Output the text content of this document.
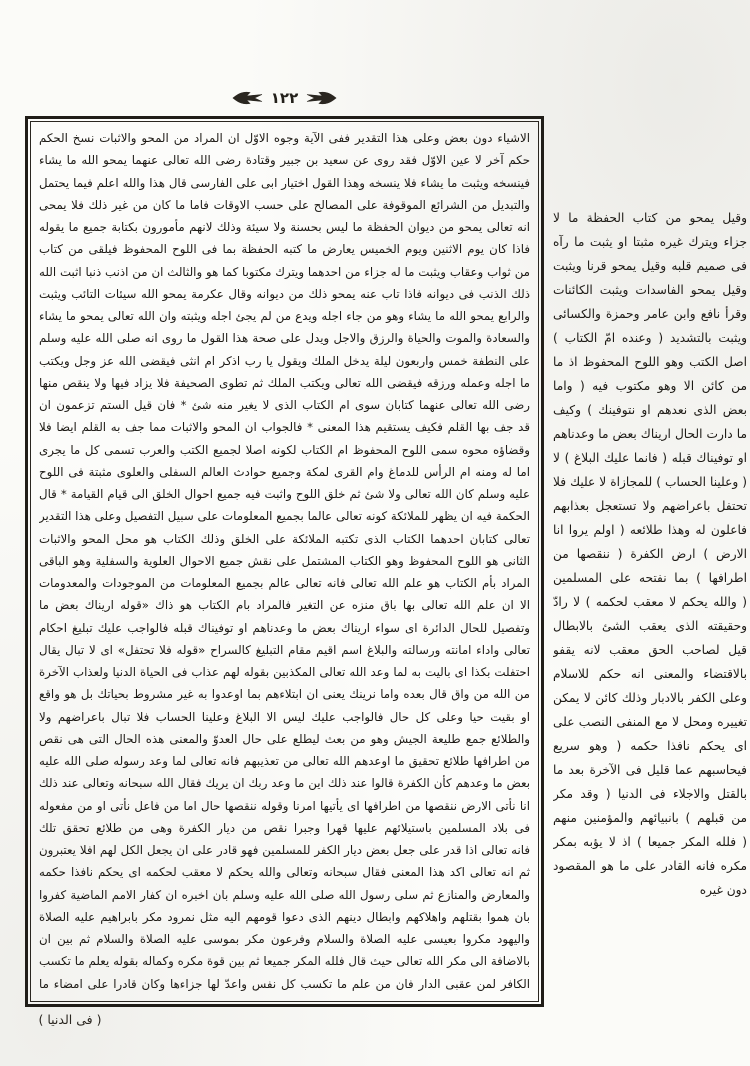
١٢٢
الاشياء دون بعض وعلى هذا التقدير ففى الآية وجوه الاوّل ان المراد من المحو والاثبات نسخ الحكم
حكم آخر لا عين الاوّل فقد روى عن سعيد بن جبير وقتادة رضى الله تعالى عنهما يمحو الله ما يشاء
فينسخه ويثبت ما يشاء فلا ينسخه وهذا القول اختيار ابى على الفارسى قال هذا والله اعلم فيما يحتمل
والتبديل من الشرائع الموقوفة على المصالح على حسب الاوقات فاما ما كان من غير ذلك فلا يمحى
انه تعالى يمحو من ديوان الحفظة ما ليس بحسنة ولا سيئة وذلك لانهم مأمورون بكتابة جميع ما يقوله
فاذا كان يوم الاثنين ويوم الخميس يعارض ما كتبه الحفظة بما فى اللوح المحفوظ فيلقى من كتاب
من ثواب وعقاب ويثبت ما له جزاء من احدهما ويترك مكتوبا كما هو والثالث ان من اذنب ذنبا اثبت الله
ذلك الذنب فى ديوانه فاذا تاب عنه يمحو ذلك من ديوانه وقال عكرمة يمحو الله سيئات التائب ويثبت
والرابع يمحو الله ما يشاء وهو من جاء اجله ويدع من لم يجئ اجله ويثبته وان الله تعالى يمحو ما يشاء
والسعادة والموت والحياة والرزق والاجل ويدل على صحة هذا القول ما روى انه صلى الله عليه وسلم
على النطفة خمس واربعون ليلة يدخل الملك ويقول يا رب اذكر ام انثى فيقضى الله عز وجل ويكتب
ما اجله وعمله ورزقه فيقضى الله تعالى ويكتب الملك ثم تطوى الصحيفة فلا يزاد فيها ولا ينقص منها
رضى الله تعالى عنهما كتابان سوى ام الكتاب الذى لا يغير منه شئ * فان قيل الستم تزعمون ان
قد جف بها القلم فكيف يستقيم هذا المعنى * فالجواب ان المحو والاثبات مما جف به القلم ايضا فلا
وقضاؤه محوه سمى اللوح المحفوظ ام الكتاب لكونه اصلا لجميع الكتب والعرب تسمى كل ما يجرى
اما له ومنه ام الرأس للدماغ وام القرى لمكة وجميع حوادث العالم السفلى والعلوى مثبتة فى اللوح
عليه وسلم كان الله تعالى ولا شئ ثم خلق اللوح واثبت فيه جميع احوال الخلق الى قيام القيامة * قال
الحكمة فيه ان يظهر للملائكة كونه تعالى عالما بجميع المعلومات على سبيل التفصيل وعلى هذا التقدير
تعالى كتابان احدهما الكتاب الذى تكتبه الملائكة على الخلق وذلك الكتاب هو محل المحو والاثبات
الثانى هو اللوح المحفوظ وهو الكتاب المشتمل على نقش جميع الاحوال العلوية والسفلية وهو الباقى
المراد بأم الكتاب هو علم الله تعالى فانه تعالى عالم بجميع المعلومات من الموجودات والمعدومات
الا ان علم الله تعالى بها باق منزه عن التغير فالمراد بام الكتاب هو ذاك «قوله اريناك بعض ما
وتفصيل للحال الدائرة اى سواء اريناك بعض ما وعدناهم او توفيناك قبله فالواجب عليك تبليغ احكام
تعالى واداء امانته ورسالته والبلاغ اسم اقيم مقام التبليغ كالسراح «قوله فلا تحتفل» اى لا تبال يقال
احتفلت بكذا اى باليت به لما وعد الله تعالى المكذبين بقوله لهم عذاب فى الحياة الدنيا ولعذاب الآخرة
من الله من واق قال بعده واما نرينك يعنى ان ابتلاءهم بما اوعدوا به غير مشروط بحياتك بل هو واقع
او بقيت حيا وعلى كل حال فالواجب عليك ليس الا البلاغ وعلينا الحساب فلا تبال باعراضهم ولا
والطلائع جمع طليعة الجيش وهو من بعث ليطلع على حال العدوّ والمعنى هذه الحال التى هى نقص
من اطرافها طلائع تحقيق ما اوعدهم الله تعالى من تعذيبهم فانه تعالى لما وعد رسوله صلى الله عليه
بعض ما وعدهم كأن الكفرة قالوا عند ذلك اين ما وعد ربك ان يريك فقال الله سبحانه وتعالى عند ذلك
انا نأتى الارض ننقصها من اطرافها اى يأتيها امرنا وقوله ننقصها حال اما من فاعل نأتى او من مفعوله
فى بلاد المسلمين باستيلائهم عليها قهرا وجبرا نقص من ديار الكفرة وهى من طلائع تحقق تلك
فانه تعالى اذا قدر على جعل بعض ديار الكفر للمسلمين فهو قادر على ان يجعل الكل لهم افلا يعتبرون
ثم انه تعالى اكد هذا المعنى فقال سبحانه وتعالى والله يحكم لا معقب لحكمه اى يحكم نافذا حكمه
والمعارض والمنازع ثم سلى رسول الله صلى الله عليه وسلم بان اخبره ان كفار الامم الماضية كفروا
بان هموا بقتلهم واهلاكهم وابطال دينهم الذى دعوا قومهم اليه مثل نمرود مكر بابراهيم عليه الصلاة
واليهود مكروا بعيسى عليه الصلاة والسلام وفرعون مكر بموسى عليه الصلاة والسلام ثم بين ان
بالاضافة الى مكر الله تعالى حيث قال فلله المكر جميعا ثم بين قوة مكره وكماله بقوله يعلم ما تكسب
الكافر لمن عقبى الدار فان من علم ما تكسب كل نفس واعدّ لها جزاءها وكان قادرا على امضاء ما
وقيل يمحو من كتاب الحفظة ما لا
جزاء ويترك غيره مثبتا او يثبت ما رآه
فى صميم قلبه وقيل يمحو قرنا ويثبت
وقيل يمحو الفاسدات ويثبت الكائنات
وقرأ نافع وابن عامر وحمزة والكسائى
ويثبت بالتشديد ( وعنده امّ الكتاب )
اصل الكتب وهو اللوح المحفوظ اذ ما
من كائن الا وهو مكتوب فيه ( واما
بعض الذى نعدهم او نتوفينك ) وكيف
ما دارت الحال اريناك بعض ما وعدناهم
او توفيناك قبله ( فانما عليك البلاغ ) لا
( وعلينا الحساب ) للمجازاة لا عليك فلا
تحتفل باعراضهم ولا تستعجل بعذابهم
فاعلون له وهذا طلائعه ( اولم يروا انا
الارض ) ارض الكفرة ( ننقصها من
اطرافها ) بما نفتحه على المسلمين
( والله يحكم لا معقب لحكمه ) لا رادّ
وحقيقته الذى يعقب الشئ بالابطال
قيل لصاحب الحق معقب لانه يقفو
بالاقتضاء والمعنى انه حكم للاسلام
وعلى الكفر بالادبار وذلك كائن لا يمكن
تغييره ومحل لا مع المنفى النصب على
اى يحكم نافذا حكمه ( وهو سريع
فيحاسبهم عما قليل فى الآخرة بعد ما
بالقتل والاجلاء فى الدنيا ( وقد مكر
من قبلهم ) بانبيائهم والمؤمنين منهم
( فلله المكر جميعا ) اذ لا يؤبه بمكر
مكره فانه القادر على ما هو المقصود
دون غيره
( فى الدنيا )
